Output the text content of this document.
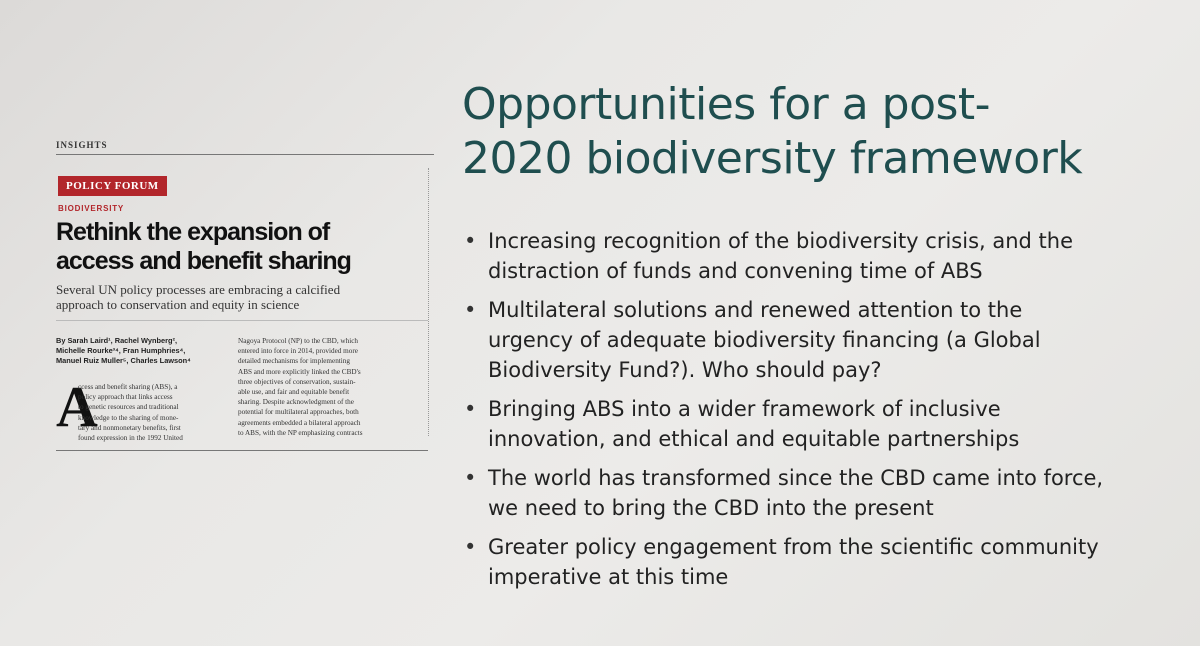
INSIGHTS
POLICY FORUM
BIODIVERSITY
Rethink the expansion of
access and benefit sharing
Several UN policy processes are embracing a calcified
approach to conservation and equity in science
By Sarah Laird¹, Rachel Wynberg²,
Michelle Rourke³⁴, Fran Humphries⁴,
Manuel Ruiz Muller⁵, Charles Lawson⁴
A
ccess and benefit sharing (ABS), a
policy approach that links access
to genetic resources and traditional
knowledge to the sharing of mone-
tary and nonmonetary benefits, first
found expression in the 1992 United
Nagoya Protocol (NP) to the CBD, which
entered into force in 2014, provided more
detailed mechanisms for implementing
ABS and more explicitly linked the CBD's
three objectives of conservation, sustain-
able use, and fair and equitable benefit
sharing. Despite acknowledgment of the
potential for multilateral approaches, both
agreements embedded a bilateral approach
to ABS, with the NP emphasizing contracts
Opportunities for a post-
2020 biodiversity framework
• Increasing recognition of the biodiversity crisis, and the
distraction of funds and convening time of ABS
• Multilateral solutions and renewed attention to the
urgency of adequate biodiversity financing (a Global
Biodiversity Fund?). Who should pay?
• Bringing ABS into a wider framework of inclusive
innovation, and ethical and equitable partnerships
• The world has transformed since the CBD came into force,
we need to bring the CBD into the present
• Greater policy engagement from the scientific community
imperative at this time
